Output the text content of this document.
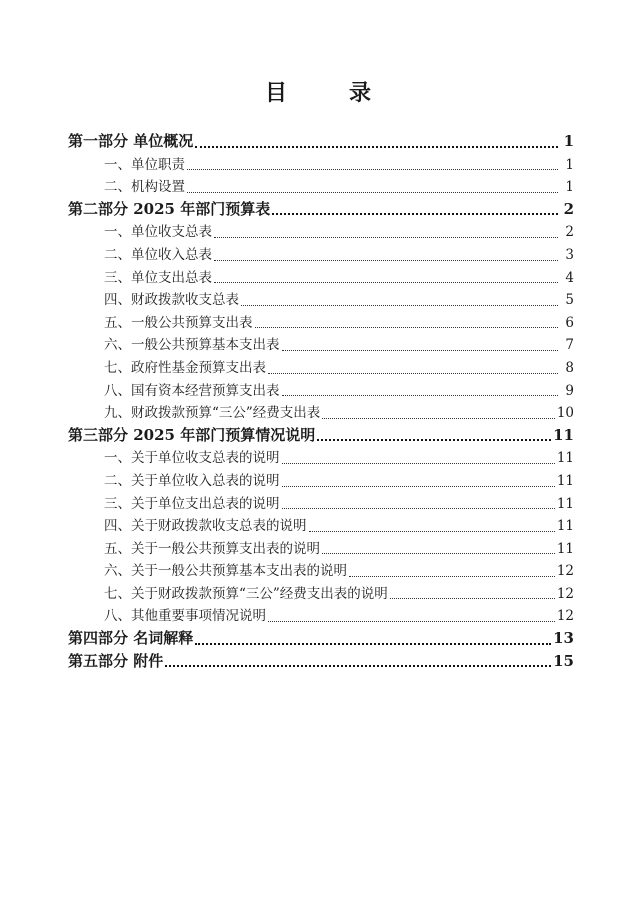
目　录
第一部分 单位概况	1
一、单位职责	1
二、机构设置	1
第二部分 2025 年部门预算表	2
一、单位收支总表	2
二、单位收入总表	3
三、单位支出总表	4
四、财政拨款收支总表	5
五、一般公共预算支出表	6
六、一般公共预算基本支出表	7
七、政府性基金预算支出表	8
八、国有资本经营预算支出表	9
九、财政拨款预算“三公”经费支出表	10
第三部分 2025 年部门预算情况说明	11
一、关于单位收支总表的说明	11
二、关于单位收入总表的说明	11
三、关于单位支出总表的说明	11
四、关于财政拨款收支总表的说明	11
五、关于一般公共预算支出表的说明	11
六、关于一般公共预算基本支出表的说明	12
七、关于财政拨款预算“三公”经费支出表的说明	12
八、其他重要事项情况说明	12
第四部分 名词解释	13
第五部分 附件	15
